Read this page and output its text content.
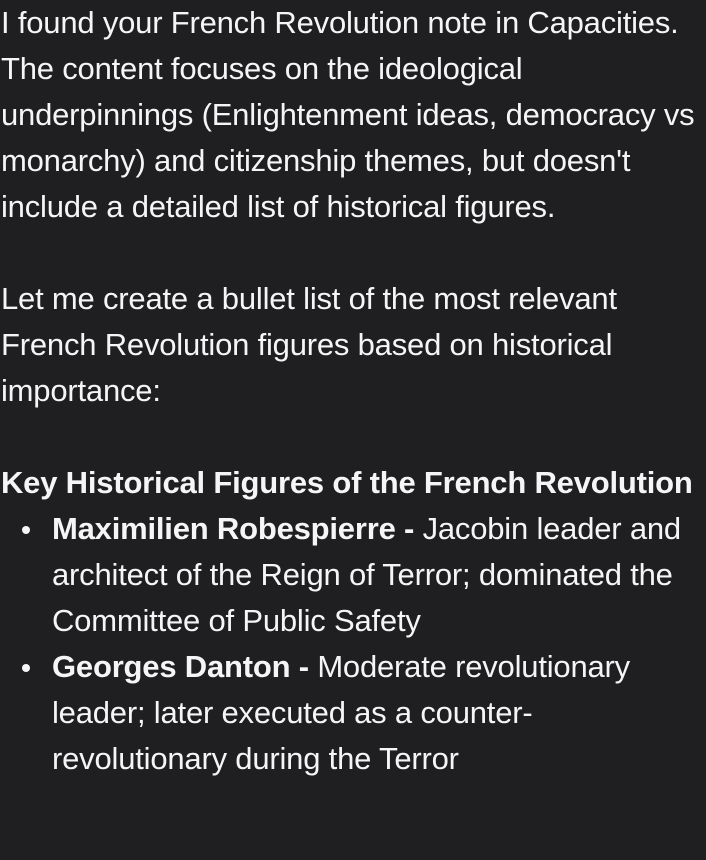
I found your French Revolution note in Capacities. The content focuses on the ideological underpinnings (Enlightenment ideas, democracy vs monarchy) and citizenship themes, but doesn't include a detailed list of historical figures.

Let me create a bullet list of the most relevant French Revolution figures based on historical importance:

Key Historical Figures of the French Revolution

Maximilien Robespierre - Jacobin leader and architect of the Reign of Terror; dominated the Committee of Public Safety
Georges Danton - Moderate revolutionary leader; later executed as a counter-revolutionary during the Terror
